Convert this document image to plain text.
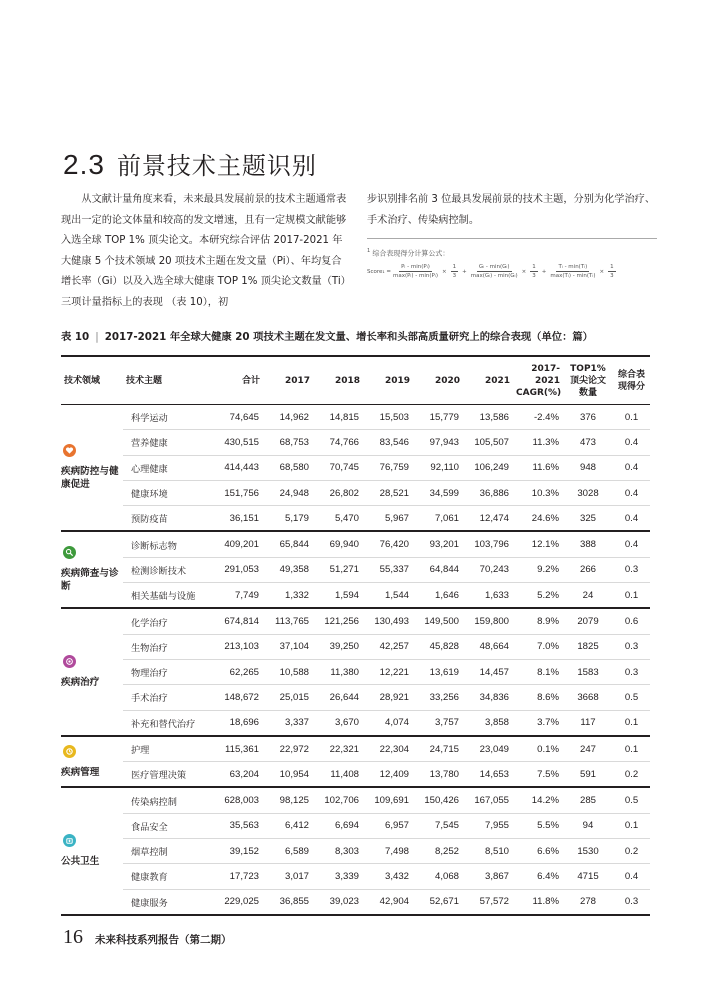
2.3 前景技术主题识别

从文献计量角度来看，未来最具发展前景的技术主题通常表现出一定的论文体量和较高的发文增速，且有一定规模文献能够入选全球 TOP 1% 顶尖论文。本研究综合评估 2017-2021 年大健康 5 个技术领域 20 项技术主题在发文量（Pi）、年均复合增长率（Gi）以及入选全球大健康 TOP 1% 顶尖论文数量（Ti）三项计量指标上的表现 （表 10），初

步识别排名前 3 位最具发展前景的技术主题，分别为化学治疗、手术治疗、传染病控制。

$^1$ 综合表现得分计算公式：
Score₁ = $\frac{\text{Pᵢ - min(Pᵢ)}}{\text{max(Pᵢ) - min(Pᵢ)}} \times \frac{1}{3} + \frac{\text{Gᵢ - min(Gᵢ)}}{\text{max(Gᵢ) - min(Gᵢ)}} \times \frac{1}{3} + \frac{\text{Tᵢ - min(Tᵢ)}}{\text{max(Tᵢ) - min(Tᵢ)}} \times \frac{1}{3}$
表 10 | 2017-2021 年全球大健康 20 项技术主题在发文量、增长率和头部高质量研究上的综合表现（单位：篇）
技术领域	技术主题	合计	2017	2018	2019	2020	2021	2017-2021 CAGR(%)	TOP1% 顶尖论文数量	综合表现得分

疾病防控与健康促进	科学运动	74,645	14,962	14,815	15,503	15,779	13,586	-2.4%	376	0.1
	营养健康	430,515	68,753	74,766	83,546	97,943	105,507	11.3%	473	0.4
	心理健康	414,443	68,580	70,745	76,759	92,110	106,249	11.6%	948	0.4
	健康环境	151,756	24,948	26,802	28,521	34,599	36,886	10.3%	3028	0.4
	预防疫苗	36,151	5,179	5,470	5,967	7,061	12,474	24.6%	325	0.4

疾病筛查与诊断	诊断标志物	409,201	65,844	69,940	76,420	93,201	103,796	12.1%	388	0.4
	检测诊断技术	291,053	49,358	51,271	55,337	64,844	70,243	9.2%	266	0.3
	相关基础与设施	7,749	1,332	1,594	1,544	1,646	1,633	5.2%	24	0.1

疾病治疗	化学治疗	674,814	113,765	121,256	130,493	149,500	159,800	8.9%	2079	0.6
	生物治疗	213,103	37,104	39,250	42,257	45,828	48,664	7.0%	1825	0.3
	物理治疗	62,265	10,588	11,380	12,221	13,619	14,457	8.1%	1583	0.3
	手术治疗	148,672	25,015	26,644	28,921	33,256	34,836	8.6%	3668	0.5
	补充和替代治疗	18,696	3,337	3,670	4,074	3,757	3,858	3.7%	117	0.1

疾病管理	护理	115,361	22,972	22,321	22,304	24,715	23,049	0.1%	247	0.1
	医疗管理决策	63,204	10,954	11,408	12,409	13,780	14,653	7.5%	591	0.2

公共卫生	传染病控制	628,003	98,125	102,706	109,691	150,426	167,055	14.2%	285	0.5
	食品安全	35,563	6,412	6,694	6,957	7,545	7,955	5.5%	94	0.1
	烟草控制	39,152	6,589	8,303	7,498	8,252	8,510	6.6%	1530	0.2
	健康教育	17,723	3,017	3,339	3,432	4,068	3,867	6.4%	4715	0.4
	健康服务	229,025	36,855	39,023	42,904	52,671	57,572	11.8%	278	0.3
16 未来科技系列报告（第二期）
